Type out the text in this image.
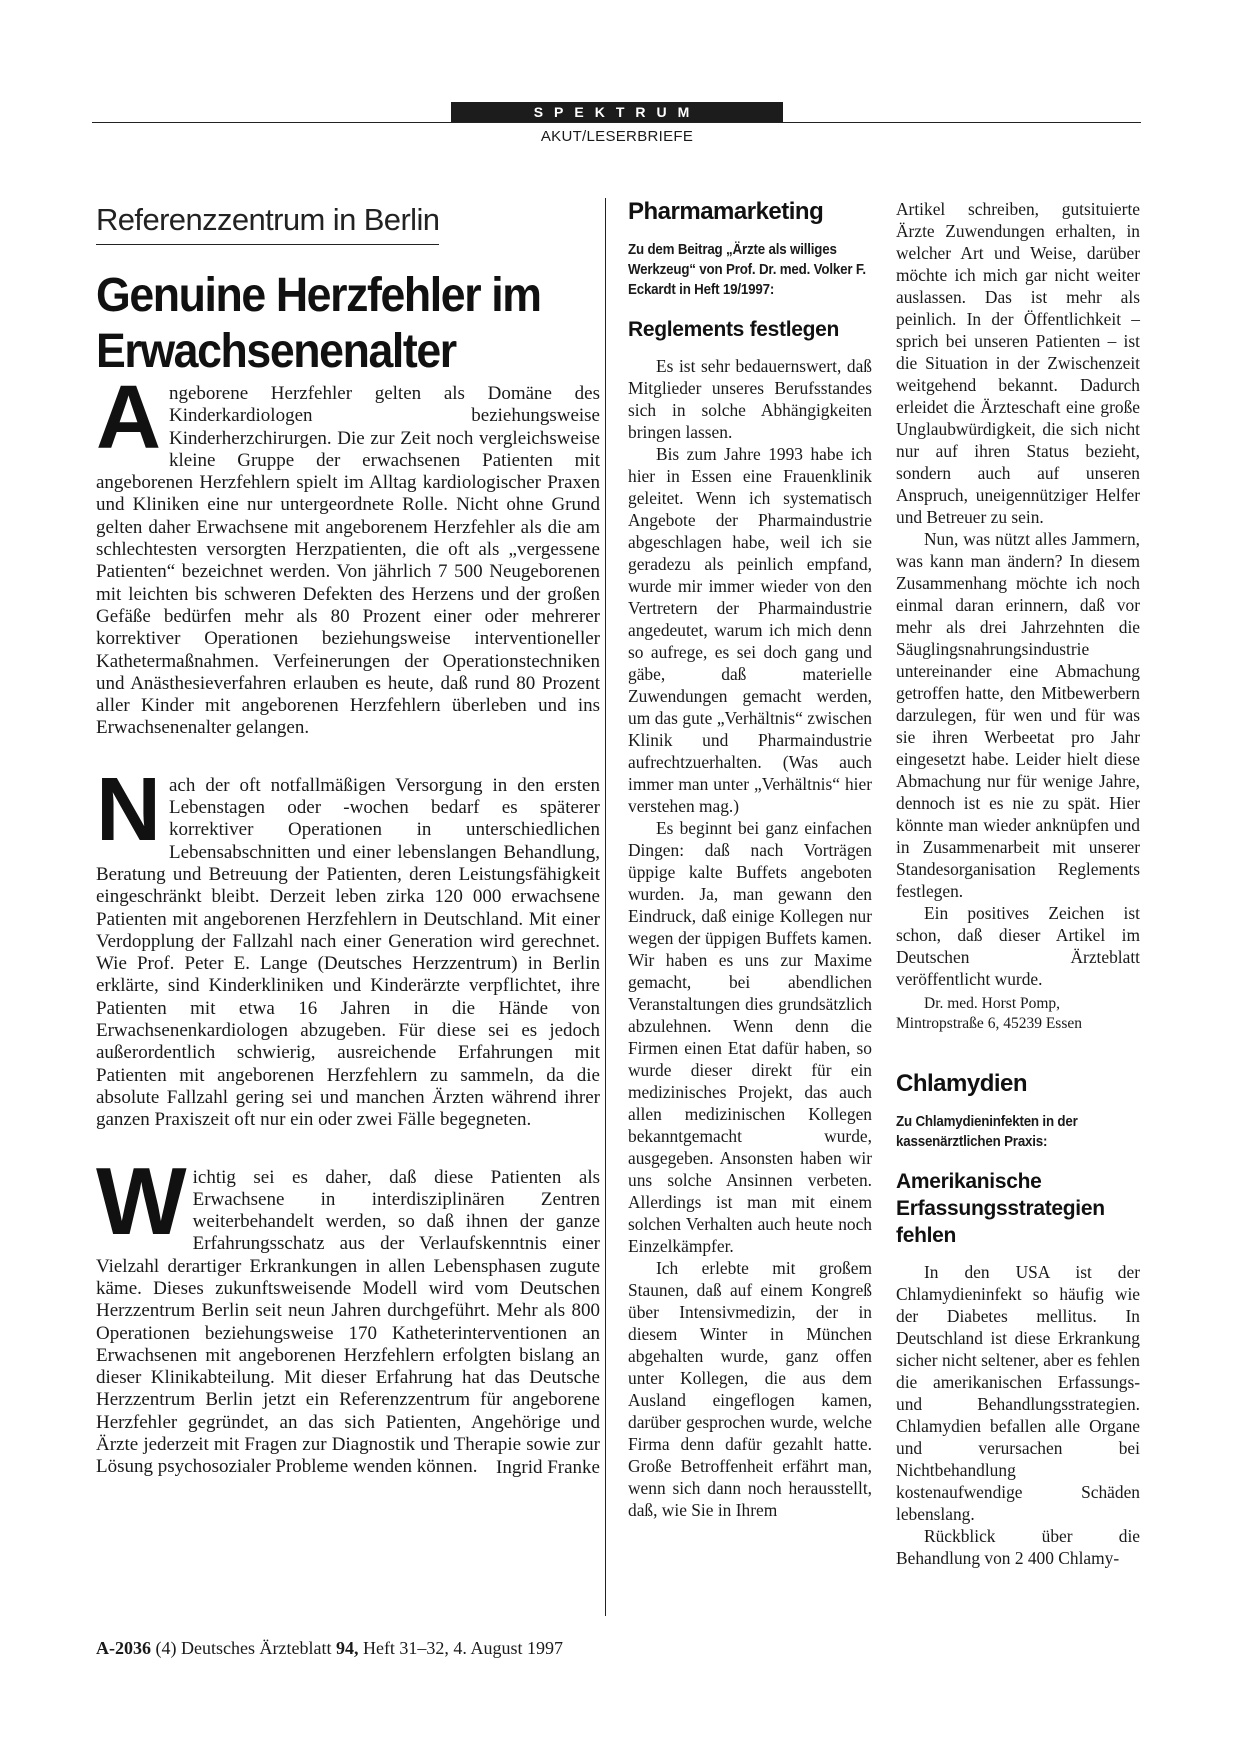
SPEKTRUM
AKUT/LESERBRIEFE
Referenzzentrum in Berlin
Genuine Herzfehler im Erwachsenenalter

Angeborene Herzfehler gelten als Domäne des Kinderkardiologen beziehungsweise Kinderherzchirurgen. Die zur Zeit noch vergleichsweise kleine Gruppe der erwachsenen Patienten mit angeborenen Herzfehlern spielt im Alltag kardiologischer Praxen und Kliniken eine nur untergeordnete Rolle. Nicht ohne Grund gelten daher Erwachsene mit angeborenem Herzfehler als die am schlechtesten versorgten Herzpatienten, die oft als „vergessene Patienten“ bezeichnet werden. Von jährlich 7 500 Neugeborenen mit leichten bis schweren Defekten des Herzens und der großen Gefäße bedürfen mehr als 80 Prozent einer oder mehrerer korrektiver Operationen beziehungsweise interventioneller Kathetermaßnahmen. Verfeinerungen der Operationstechniken und Anästhesieverfahren erlauben es heute, daß rund 80 Prozent aller Kinder mit angeborenen Herzfehlern überleben und ins Erwachsenenalter gelangen.

Nach der oft notfallmäßigen Versorgung in den ersten Lebenstagen oder -wochen bedarf es späterer korrektiver Operationen in unterschiedlichen Lebensabschnitten und einer lebenslangen Behandlung, Beratung und Betreuung der Patienten, deren Leistungsfähigkeit eingeschränkt bleibt. Derzeit leben zirka 120 000 erwachsene Patienten mit angeborenen Herzfehlern in Deutschland. Mit einer Verdopplung der Fallzahl nach einer Generation wird gerechnet. Wie Prof. Peter E. Lange (Deutsches Herzzentrum) in Berlin erklärte, sind Kinderkliniken und Kinderärzte verpflichtet, ihre Patienten mit etwa 16 Jahren in die Hände von Erwachsenenkardiologen abzugeben. Für diese sei es jedoch außerordentlich schwierig, ausreichende Erfahrungen mit Patienten mit angeborenen Herzfehlern zu sammeln, da die absolute Fallzahl gering sei und manchen Ärzten während ihrer ganzen Praxiszeit oft nur ein oder zwei Fälle begegneten.

Wichtig sei es daher, daß diese Patienten als Erwachsene in interdisziplinären Zentren weiterbehandelt werden, so daß ihnen der ganze Erfahrungsschatz aus der Verlaufskenntnis einer Vielzahl derartiger Erkrankungen in allen Lebensphasen zugute käme. Dieses zukunftsweisende Modell wird vom Deutschen Herzzentrum Berlin seit neun Jahren durchgeführt. Mehr als 800 Operationen beziehungsweise 170 Katheterinterventionen an Erwachsenen mit angeborenen Herzfehlern erfolgten bislang an dieser Klinikabteilung. Mit dieser Erfahrung hat das Deutsche Herzzentrum Berlin jetzt ein Referenzzentrum für angeborene Herzfehler gegründet, an das sich Patienten, Angehörige und Ärzte jederzeit mit Fragen zur Diagnostik und Therapie sowie zur Lösung psychosozialer Probleme wenden können. Ingrid Franke
Pharmamarketing
Zu dem Beitrag „Ärzte als williges Werkzeug“ von Prof. Dr. med. Volker F. Eckardt in Heft 19/1997:
Reglements festlegen

Es ist sehr bedauernswert, daß Mitglieder unseres Berufsstandes sich in solche Abhängigkeiten bringen lassen.

Bis zum Jahre 1993 habe ich hier in Essen eine Frauenklinik geleitet. Wenn ich systematisch Angebote der Pharmaindustrie abgeschlagen habe, weil ich sie geradezu als peinlich empfand, wurde mir immer wieder von den Vertretern der Pharmaindustrie angedeutet, warum ich mich denn so aufrege, es sei doch gang und gäbe, daß materielle Zuwendungen gemacht werden, um das gute „Verhältnis“ zwischen Klinik und Pharmaindustrie aufrechtzuerhalten. (Was auch immer man unter „Verhältnis“ hier verstehen mag.)

Es beginnt bei ganz einfachen Dingen: daß nach Vorträgen üppige kalte Buffets angeboten wurden. Ja, man gewann den Eindruck, daß einige Kollegen nur wegen der üppigen Buffets kamen. Wir haben es uns zur Maxime gemacht, bei abendlichen Veranstaltungen dies grundsätzlich abzulehnen. Wenn denn die Firmen einen Etat dafür haben, so wurde dieser direkt für ein medizinisches Projekt, das auch allen medizinischen Kollegen bekanntgemacht wurde, ausgegeben. Ansonsten haben wir uns solche Ansinnen verbeten. Allerdings ist man mit einem solchen Verhalten auch heute noch Einzelkämpfer.

Ich erlebte mit großem Staunen, daß auf einem Kongreß über Intensivmedizin, der in diesem Winter in München abgehalten wurde, ganz offen unter Kollegen, die aus dem Ausland eingeflogen kamen, darüber gesprochen wurde, welche Firma denn dafür gezahlt hatte. Große Betroffenheit erfährt man, wenn sich dann noch herausstellt, daß, wie Sie in Ihrem

Artikel schreiben, gutsituierte Ärzte Zuwendungen erhalten, in welcher Art und Weise, darüber möchte ich mich gar nicht weiter auslassen. Das ist mehr als peinlich. In der Öffentlichkeit – sprich bei unseren Patienten – ist die Situation in der Zwischenzeit weitgehend bekannt. Dadurch erleidet die Ärzteschaft eine große Unglaubwürdigkeit, die sich nicht nur auf ihren Status bezieht, sondern auch auf unseren Anspruch, uneigennütziger Helfer und Betreuer zu sein.

Nun, was nützt alles Jammern, was kann man ändern? In diesem Zusammenhang möchte ich noch einmal daran erinnern, daß vor mehr als drei Jahrzehnten die Säuglingsnahrungsindustrie untereinander eine Abmachung getroffen hatte, den Mitbewerbern darzulegen, für wen und für was sie ihren Werbeetat pro Jahr eingesetzt habe. Leider hielt diese Abmachung nur für wenige Jahre, dennoch ist es nie zu spät. Hier könnte man wieder anknüpfen und in Zusammenarbeit mit unserer Standesorganisation Reglements festlegen.

Ein positives Zeichen ist schon, daß dieser Artikel im Deutschen Ärzteblatt veröffentlicht wurde.

Dr. med. Horst Pomp, Mintropstraße 6, 45239 Essen

Chlamydien
Zu Chlamydieninfekten in der kassenärztlichen Praxis:
Amerikanische Erfassungsstrategien fehlen

In den USA ist der Chlamydieninfekt so häufig wie der Diabetes mellitus. In Deutschland ist diese Erkrankung sicher nicht seltener, aber es fehlen die amerikanischen Erfassungs- und Behandlungsstrategien. Chlamydien befallen alle Organe und verursachen bei Nichtbehandlung kostenaufwendige Schäden lebenslang.

Rückblick über die Behandlung von 2 400 Chlamy-

A-2036 (4) Deutsches Ärzteblatt 94, Heft 31–32, 4. August 1997
